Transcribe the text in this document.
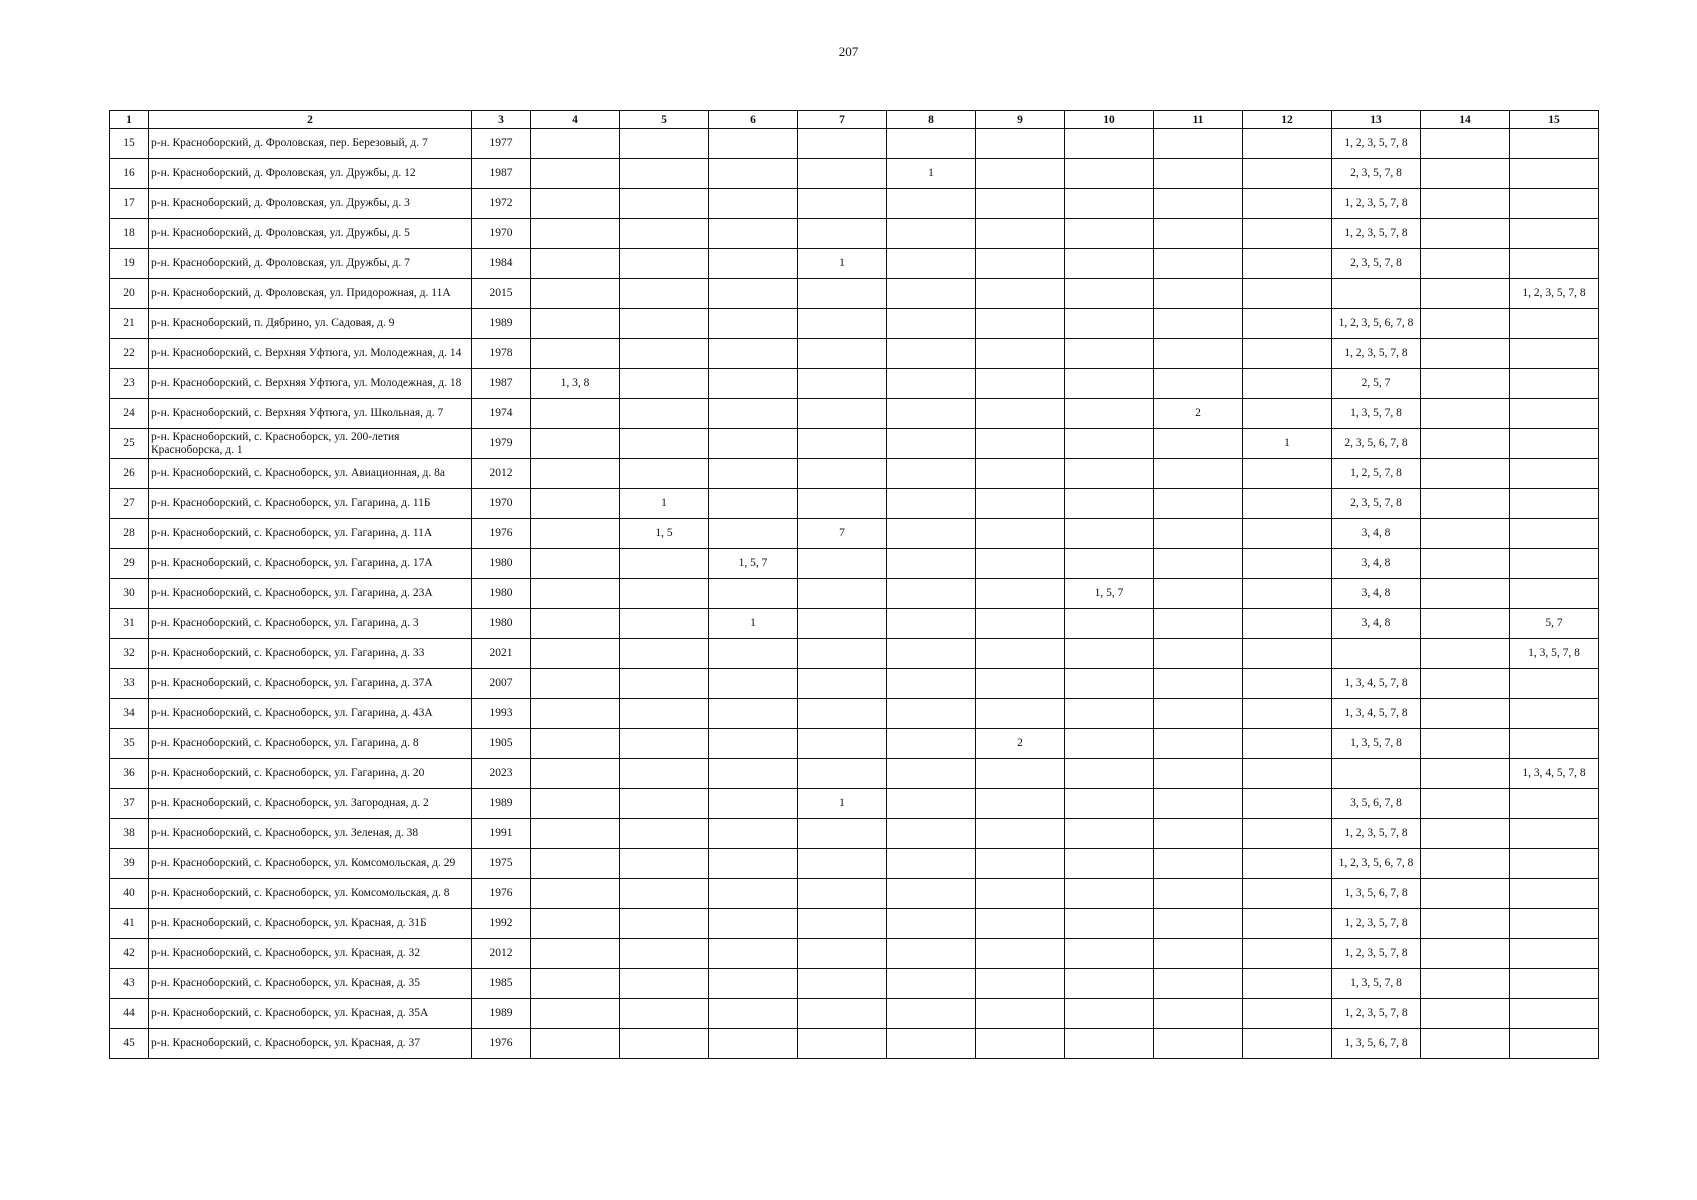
207
1	2	3	4	5	6	7	8	9	10	11	12	13	14	15
15	р-н. Красноборский, д. Фроловская, пер. Березовый, д. 7	1977										1, 2, 3, 5, 7, 8		
16	р-н. Красноборский, д. Фроловская, ул. Дружбы, д. 12	1987					1					2, 3, 5, 7, 8		
17	р-н. Красноборский, д. Фроловская, ул. Дружбы, д. 3	1972										1, 2, 3, 5, 7, 8		
18	р-н. Красноборский, д. Фроловская, ул. Дружбы, д. 5	1970										1, 2, 3, 5, 7, 8		
19	р-н. Красноборский, д. Фроловская, ул. Дружбы, д. 7	1984				1						2, 3, 5, 7, 8		
20	р-н. Красноборский, д. Фроловская, ул. Придорожная, д. 11А	2015												1, 2, 3, 5, 7, 8
21	р-н. Красноборский, п. Дябрино, ул. Садовая, д. 9	1989										1, 2, 3, 5, 6, 7, 8		
22	р-н. Красноборский, с. Верхняя Уфтюга, ул. Молодежная, д. 14	1978										1, 2, 3, 5, 7, 8		
23	р-н. Красноборский, с. Верхняя Уфтюга, ул. Молодежная, д. 18	1987	1, 3, 8									2, 5, 7		
24	р-н. Красноборский, с. Верхняя Уфтюга, ул. Школьная, д. 7	1974								2		1, 3, 5, 7, 8		
25	р-н. Красноборский, с. Красноборск, ул. 200-летия Красноборска, д. 1	1979									1	2, 3, 5, 6, 7, 8		
26	р-н. Красноборский, с. Красноборск, ул. Авиационная, д. 8а	2012										1, 2, 5, 7, 8		
27	р-н. Красноборский, с. Красноборск, ул. Гагарина, д. 11Б	1970		1								2, 3, 5, 7, 8		
28	р-н. Красноборский, с. Красноборск, ул. Гагарина, д. 11А	1976		1, 5		7						3, 4, 8		
29	р-н. Красноборский, с. Красноборск, ул. Гагарина, д. 17А	1980			1, 5, 7							3, 4, 8		
30	р-н. Красноборский, с. Красноборск, ул. Гагарина, д. 23А	1980							1, 5, 7			3, 4, 8		
31	р-н. Красноборский, с. Красноборск, ул. Гагарина, д. 3	1980			1							3, 4, 8		5, 7
32	р-н. Красноборский, с. Красноборск, ул. Гагарина, д. 33	2021												1, 3, 5, 7, 8
33	р-н. Красноборский, с. Красноборск, ул. Гагарина, д. 37А	2007										1, 3, 4, 5, 7, 8		
34	р-н. Красноборский, с. Красноборск, ул. Гагарина, д. 43А	1993										1, 3, 4, 5, 7, 8		
35	р-н. Красноборский, с. Красноборск, ул. Гагарина, д. 8	1905						2				1, 3, 5, 7, 8		
36	р-н. Красноборский, с. Красноборск, ул. Гагарина, д. 20	2023												1, 3, 4, 5, 7, 8
37	р-н. Красноборский, с. Красноборск, ул. Загородная, д. 2	1989				1						3, 5, 6, 7, 8		
38	р-н. Красноборский, с. Красноборск, ул. Зеленая, д. 38	1991										1, 2, 3, 5, 7, 8		
39	р-н. Красноборский, с. Красноборск, ул. Комсомольская, д. 29	1975										1, 2, 3, 5, 6, 7, 8		
40	р-н. Красноборский, с. Красноборск, ул. Комсомольская, д. 8	1976										1, 3, 5, 6, 7, 8		
41	р-н. Красноборский, с. Красноборск, ул. Красная, д. 31Б	1992										1, 2, 3, 5, 7, 8		
42	р-н. Красноборский, с. Красноборск, ул. Красная, д. 32	2012										1, 2, 3, 5, 7, 8		
43	р-н. Красноборский, с. Красноборск, ул. Красная, д. 35	1985										1, 3, 5, 7, 8		
44	р-н. Красноборский, с. Красноборск, ул. Красная, д. 35А	1989										1, 2, 3, 5, 7, 8		
45	р-н. Красноборский, с. Красноборск, ул. Красная, д. 37	1976										1, 3, 5, 6, 7, 8		
